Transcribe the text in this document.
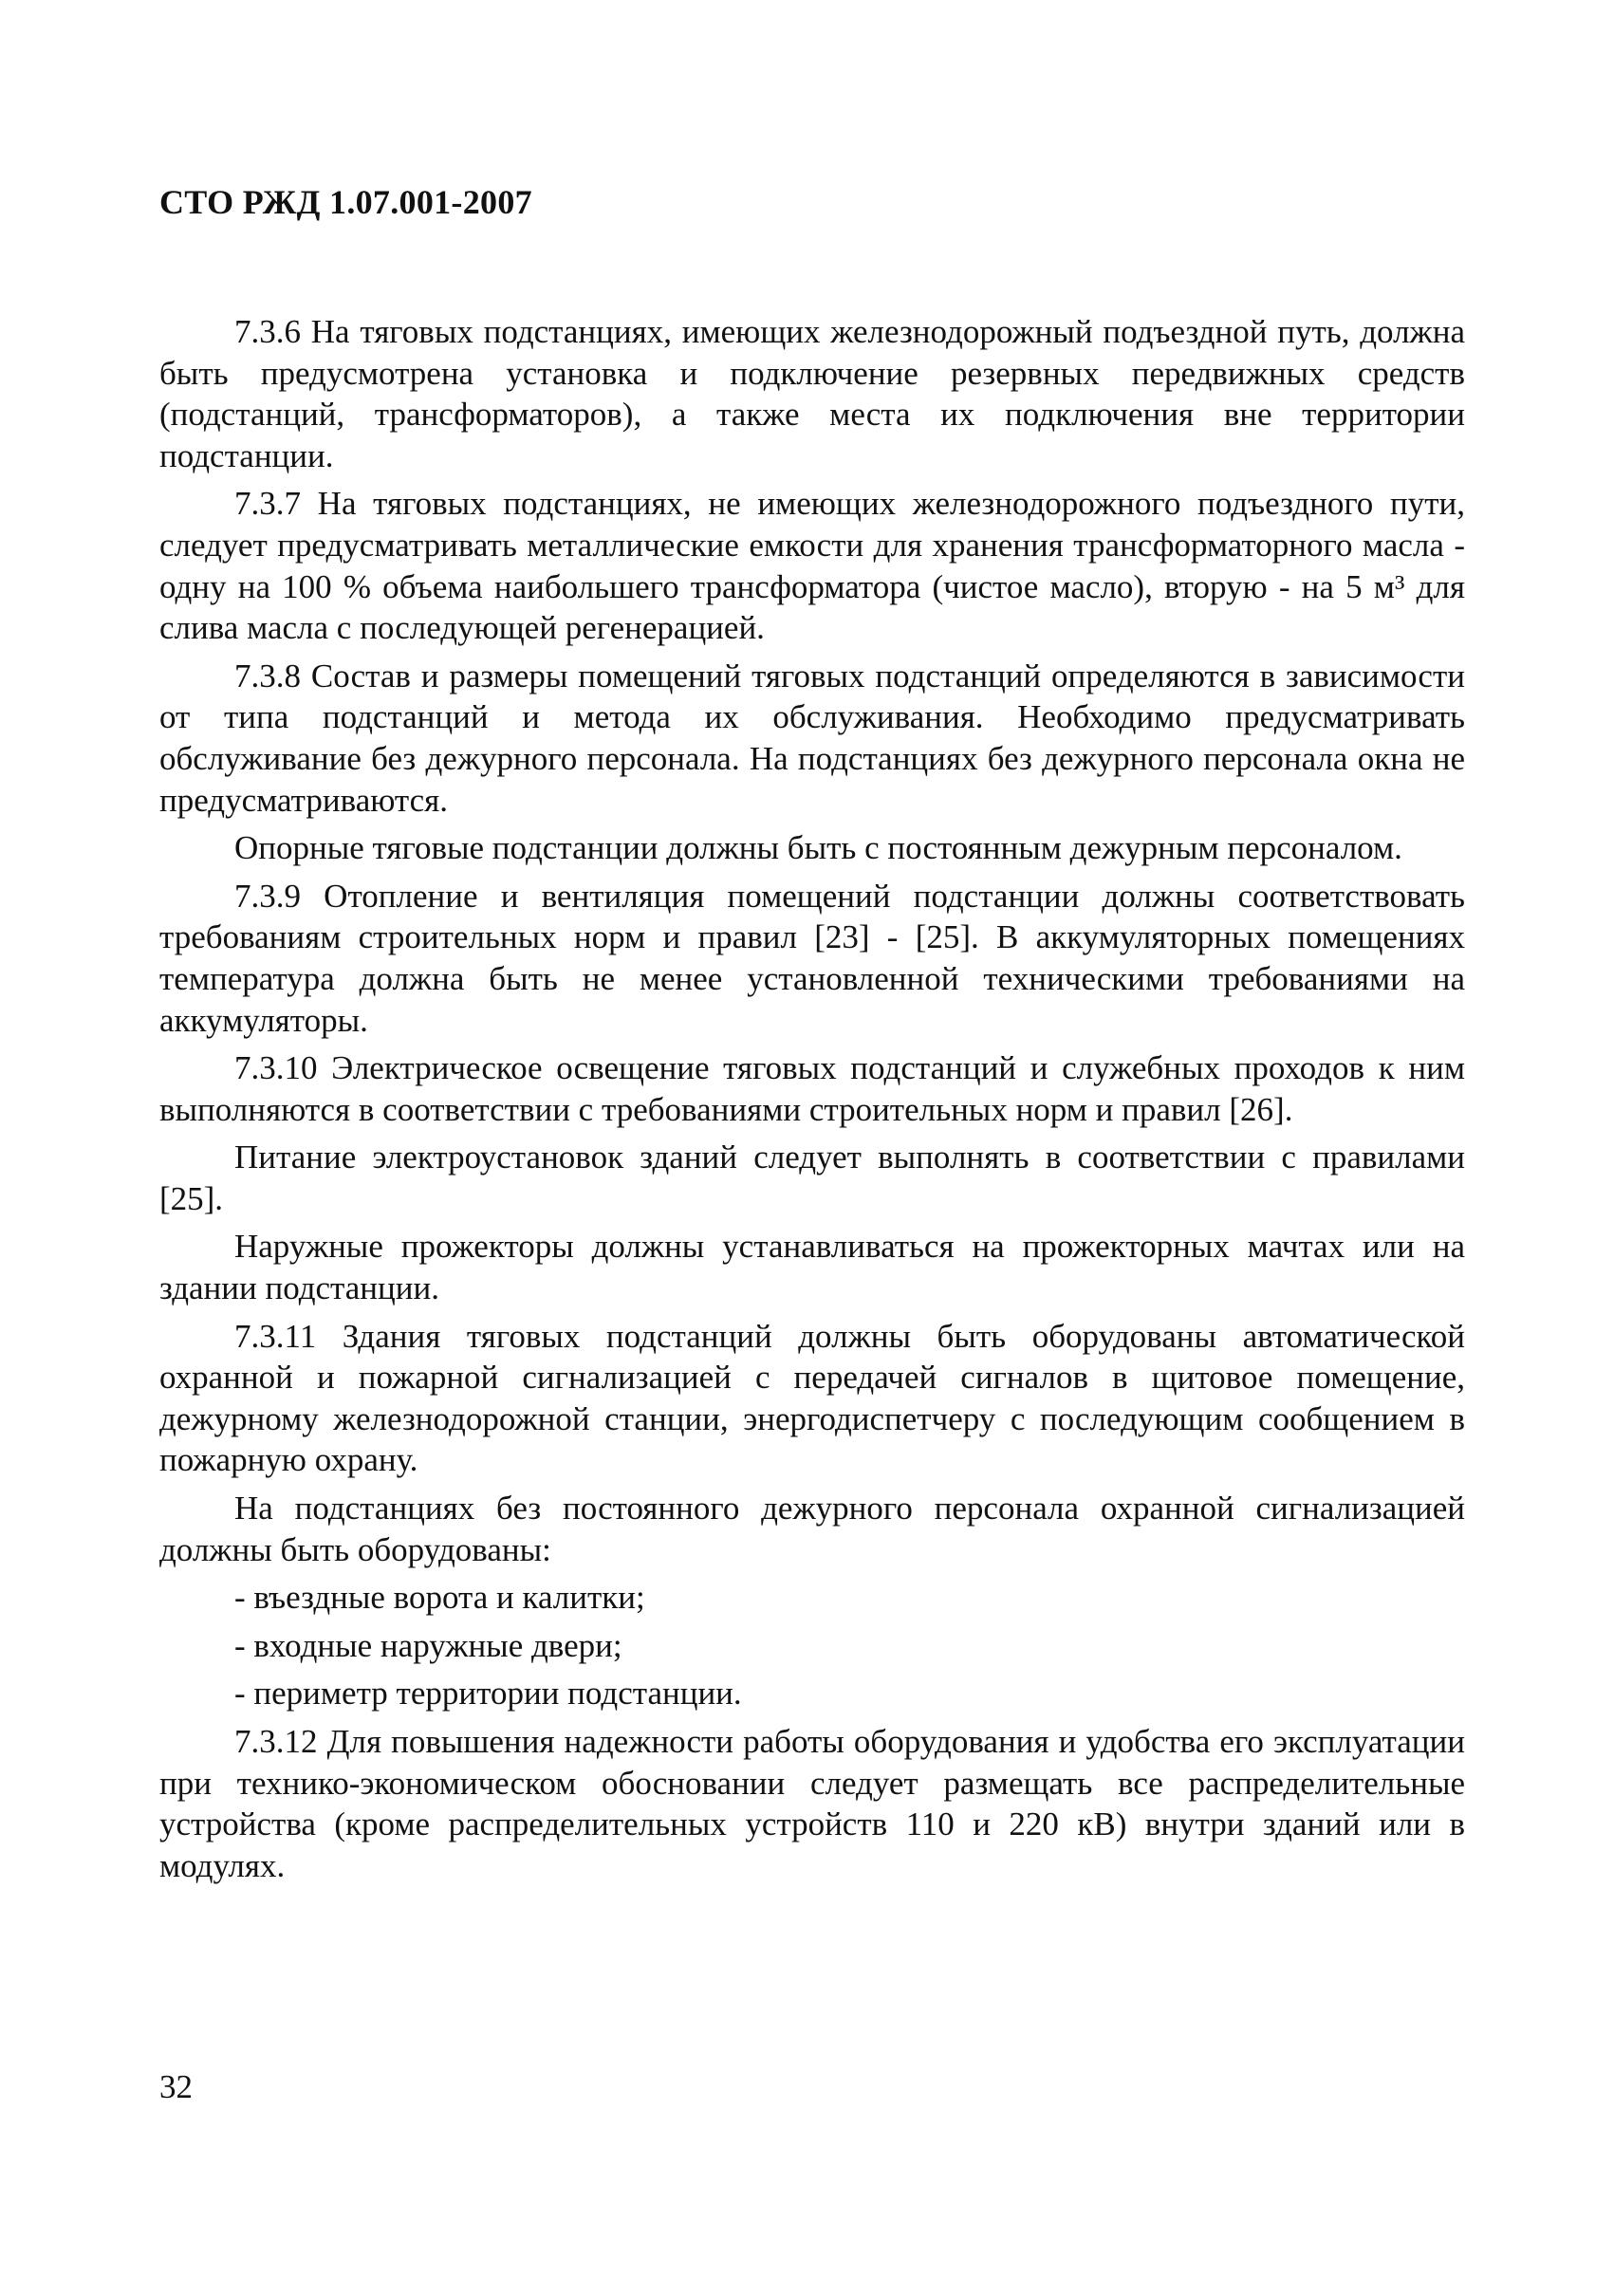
СТО РЖД 1.07.001-2007

7.3.6 На тяговых подстанциях, имеющих железнодорожный подъездной путь, должна быть предусмотрена установка и подключение резервных передвижных средств (подстанций, трансформаторов), а также места их подключения вне территории подстанции.

7.3.7 На тяговых подстанциях, не имеющих железнодорожного подъездного пути, следует предусматривать металлические емкости для хранения трансформаторного масла - одну на 100 % объема наибольшего трансформатора (чистое масло), вторую - на 5 м³ для слива масла с последующей регенерацией.

7.3.8 Состав и размеры помещений тяговых подстанций определяются в зависимости от типа подстанций и метода их обслуживания. Необходимо предусматривать обслуживание без дежурного персонала. На подстанциях без дежурного персонала окна не предусматриваются.

Опорные тяговые подстанции должны быть с постоянным дежурным персоналом.

7.3.9 Отопление и вентиляция помещений подстанции должны соответствовать требованиям строительных норм и правил [23] - [25]. В аккумуляторных помещениях температура должна быть не менее установленной техническими требованиями на аккумуляторы.

7.3.10 Электрическое освещение тяговых подстанций и служебных проходов к ним выполняются в соответствии с требованиями строительных норм и правил [26].

Питание электроустановок зданий следует выполнять в соответствии с правилами [25].

Наружные прожекторы должны устанавливаться на прожекторных мачтах или на здании подстанции.

7.3.11 Здания тяговых подстанций должны быть оборудованы автоматической охранной и пожарной сигнализацией с передачей сигналов в щитовое помещение, дежурному железнодорожной станции, энергодиспетчеру с последующим сообщением в пожарную охрану.

На подстанциях без постоянного дежурного персонала охранной сигнализацией должны быть оборудованы:

- въездные ворота и калитки;

- входные наружные двери;

- периметр территории подстанции.

7.3.12 Для повышения надежности работы оборудования и удобства его эксплуатации при технико-экономическом обосновании следует размещать все распределительные устройства (кроме распределительных устройств 110 и 220 кВ) внутри зданий или в модулях.

32
